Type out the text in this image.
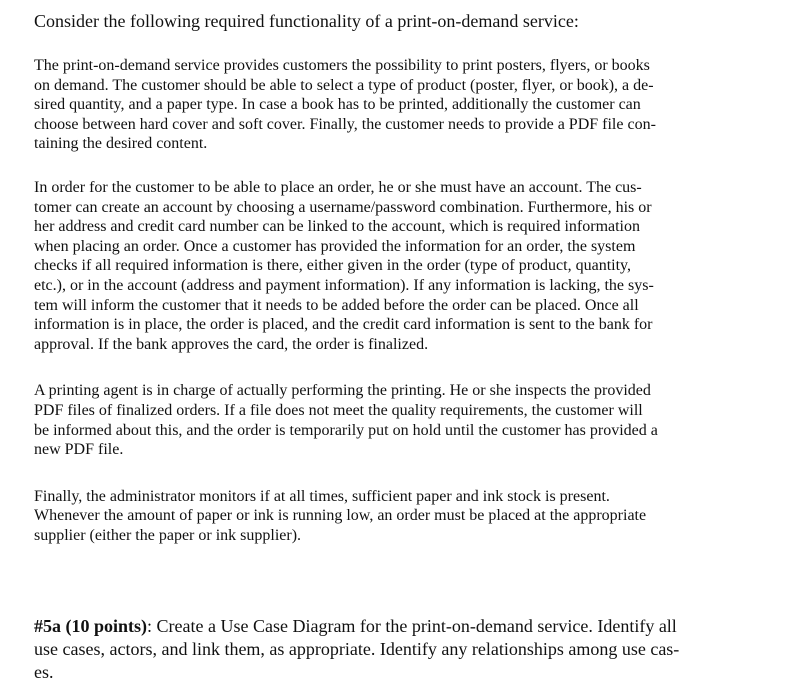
Consider the following required functionality of a print-on-demand service:

The print-on-demand service provides customers the possibility to print posters, flyers, or books
on demand. The customer should be able to select a type of product (poster, flyer, or book), a de-
sired quantity, and a paper type. In case a book has to be printed, additionally the customer can
choose between hard cover and soft cover. Finally, the customer needs to provide a PDF file con-
taining the desired content.

In order for the customer to be able to place an order, he or she must have an account. The cus-
tomer can create an account by choosing a username/password combination. Furthermore, his or
her address and credit card number can be linked to the account, which is required information
when placing an order. Once a customer has provided the information for an order, the system
checks if all required information is there, either given in the order (type of product, quantity,
etc.), or in the account (address and payment information). If any information is lacking, the sys-
tem will inform the customer that it needs to be added before the order can be placed. Once all
information is in place, the order is placed, and the credit card information is sent to the bank for
approval. If the bank approves the card, the order is finalized.

A printing agent is in charge of actually performing the printing. He or she inspects the provided
PDF files of finalized orders. If a file does not meet the quality requirements, the customer will
be informed about this, and the order is temporarily put on hold until the customer has provided a
new PDF file.

Finally, the administrator monitors if at all times, sufficient paper and ink stock is present.
Whenever the amount of paper or ink is running low, an order must be placed at the appropriate
supplier (either the paper or ink supplier).

#5a (10 points): Create a Use Case Diagram for the print-on-demand service. Identify all
use cases, actors, and link them, as appropriate. Identify any relationships among use cas-
es.
